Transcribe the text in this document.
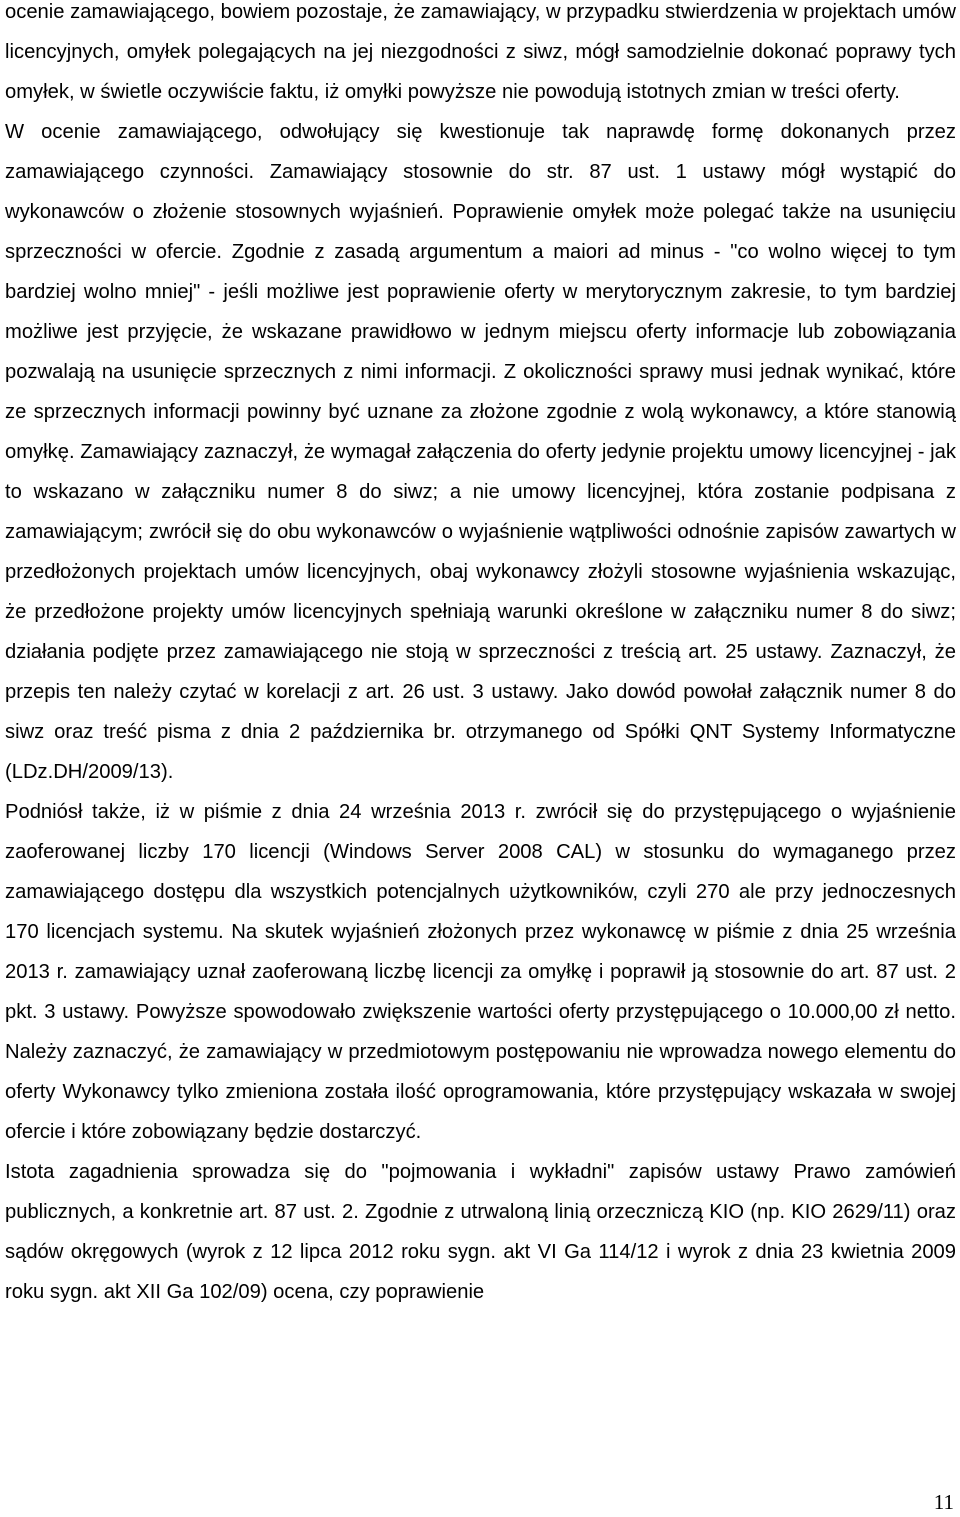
ocenie zamawiającego, bowiem pozostaje, że zamawiający, w przypadku stwierdzenia w projektach umów licencyjnych, omyłek polegających na jej niezgodności z siwz, mógł samodzielnie dokonać poprawy tych omyłek, w świetle oczywiście faktu, iż omyłki powyższe nie powodują istotnych zmian w treści oferty.

W ocenie zamawiającego, odwołujący się kwestionuje tak naprawdę formę dokonanych przez zamawiającego czynności. Zamawiający stosownie do str. 87 ust. 1 ustawy mógł wystąpić do wykonawców o złożenie stosownych wyjaśnień. Poprawienie omyłek może polegać także na usunięciu sprzeczności w ofercie. Zgodnie z zasadą argumentum a maiori ad minus - "co wolno więcej to tym bardziej wolno mniej" - jeśli możliwe jest poprawienie oferty w merytorycznym zakresie, to tym bardziej możliwe jest przyjęcie, że wskazane prawidłowo w jednym miejscu oferty informacje lub zobowiązania pozwalają na usunięcie sprzecznych z nimi informacji. Z okoliczności sprawy musi jednak wynikać, które ze sprzecznych informacji powinny być uznane za złożone zgodnie z wolą wykonawcy, a które stanowią omyłkę. Zamawiający zaznaczył, że wymagał załączenia do oferty jedynie projektu umowy licencyjnej - jak to wskazano w załączniku numer 8 do siwz; a nie umowy licencyjnej, która zostanie podpisana z zamawiającym; zwrócił się do obu wykonawców o wyjaśnienie wątpliwości odnośnie zapisów zawartych w przedłożonych projektach umów licencyjnych, obaj wykonawcy złożyli stosowne wyjaśnienia wskazując, że przedłożone projekty umów licencyjnych spełniają warunki określone w załączniku numer 8 do siwz; działania podjęte przez zamawiającego nie stoją w sprzeczności z treścią art. 25 ustawy. Zaznaczył, że przepis ten należy czytać w korelacji z art. 26 ust. 3 ustawy. Jako dowód powołał załącznik numer 8 do siwz oraz treść pisma z dnia 2 października br. otrzymanego od Spółki QNT Systemy Informatyczne (LDz.DH/2009/13).

Podniósł także, iż w piśmie z dnia 24 września 2013 r. zwrócił się do przystępującego o wyjaśnienie zaoferowanej liczby 170 licencji (Windows Server 2008 CAL) w stosunku do wymaganego przez zamawiającego dostępu dla wszystkich potencjalnych użytkowników, czyli 270 ale przy jednoczesnych 170 licencjach systemu. Na skutek wyjaśnień złożonych przez wykonawcę w piśmie z dnia 25 września 2013 r. zamawiający uznał zaoferowaną liczbę licencji za omyłkę i poprawił ją stosownie do art. 87 ust. 2 pkt. 3 ustawy. Powyższe spowodowało zwiększenie wartości oferty przystępującego o 10.000,00 zł netto. Należy zaznaczyć, że zamawiający w przedmiotowym postępowaniu nie wprowadza nowego elementu do oferty Wykonawcy tylko zmieniona została ilość oprogramowania, które przystępujący wskazała w swojej ofercie i które zobowiązany będzie dostarczyć.

Istota zagadnienia sprowadza się do "pojmowania i wykładni" zapisów ustawy Prawo zamówień publicznych, a konkretnie art. 87 ust. 2. Zgodnie z utrwaloną linią orzeczniczą KIO (np. KIO 2629/11) oraz sądów okręgowych (wyrok z 12 lipca 2012 roku sygn. akt VI Ga 114/12 i wyrok z dnia 23 kwietnia 2009 roku sygn. akt XII Ga 102/09) ocena, czy poprawienie

11
